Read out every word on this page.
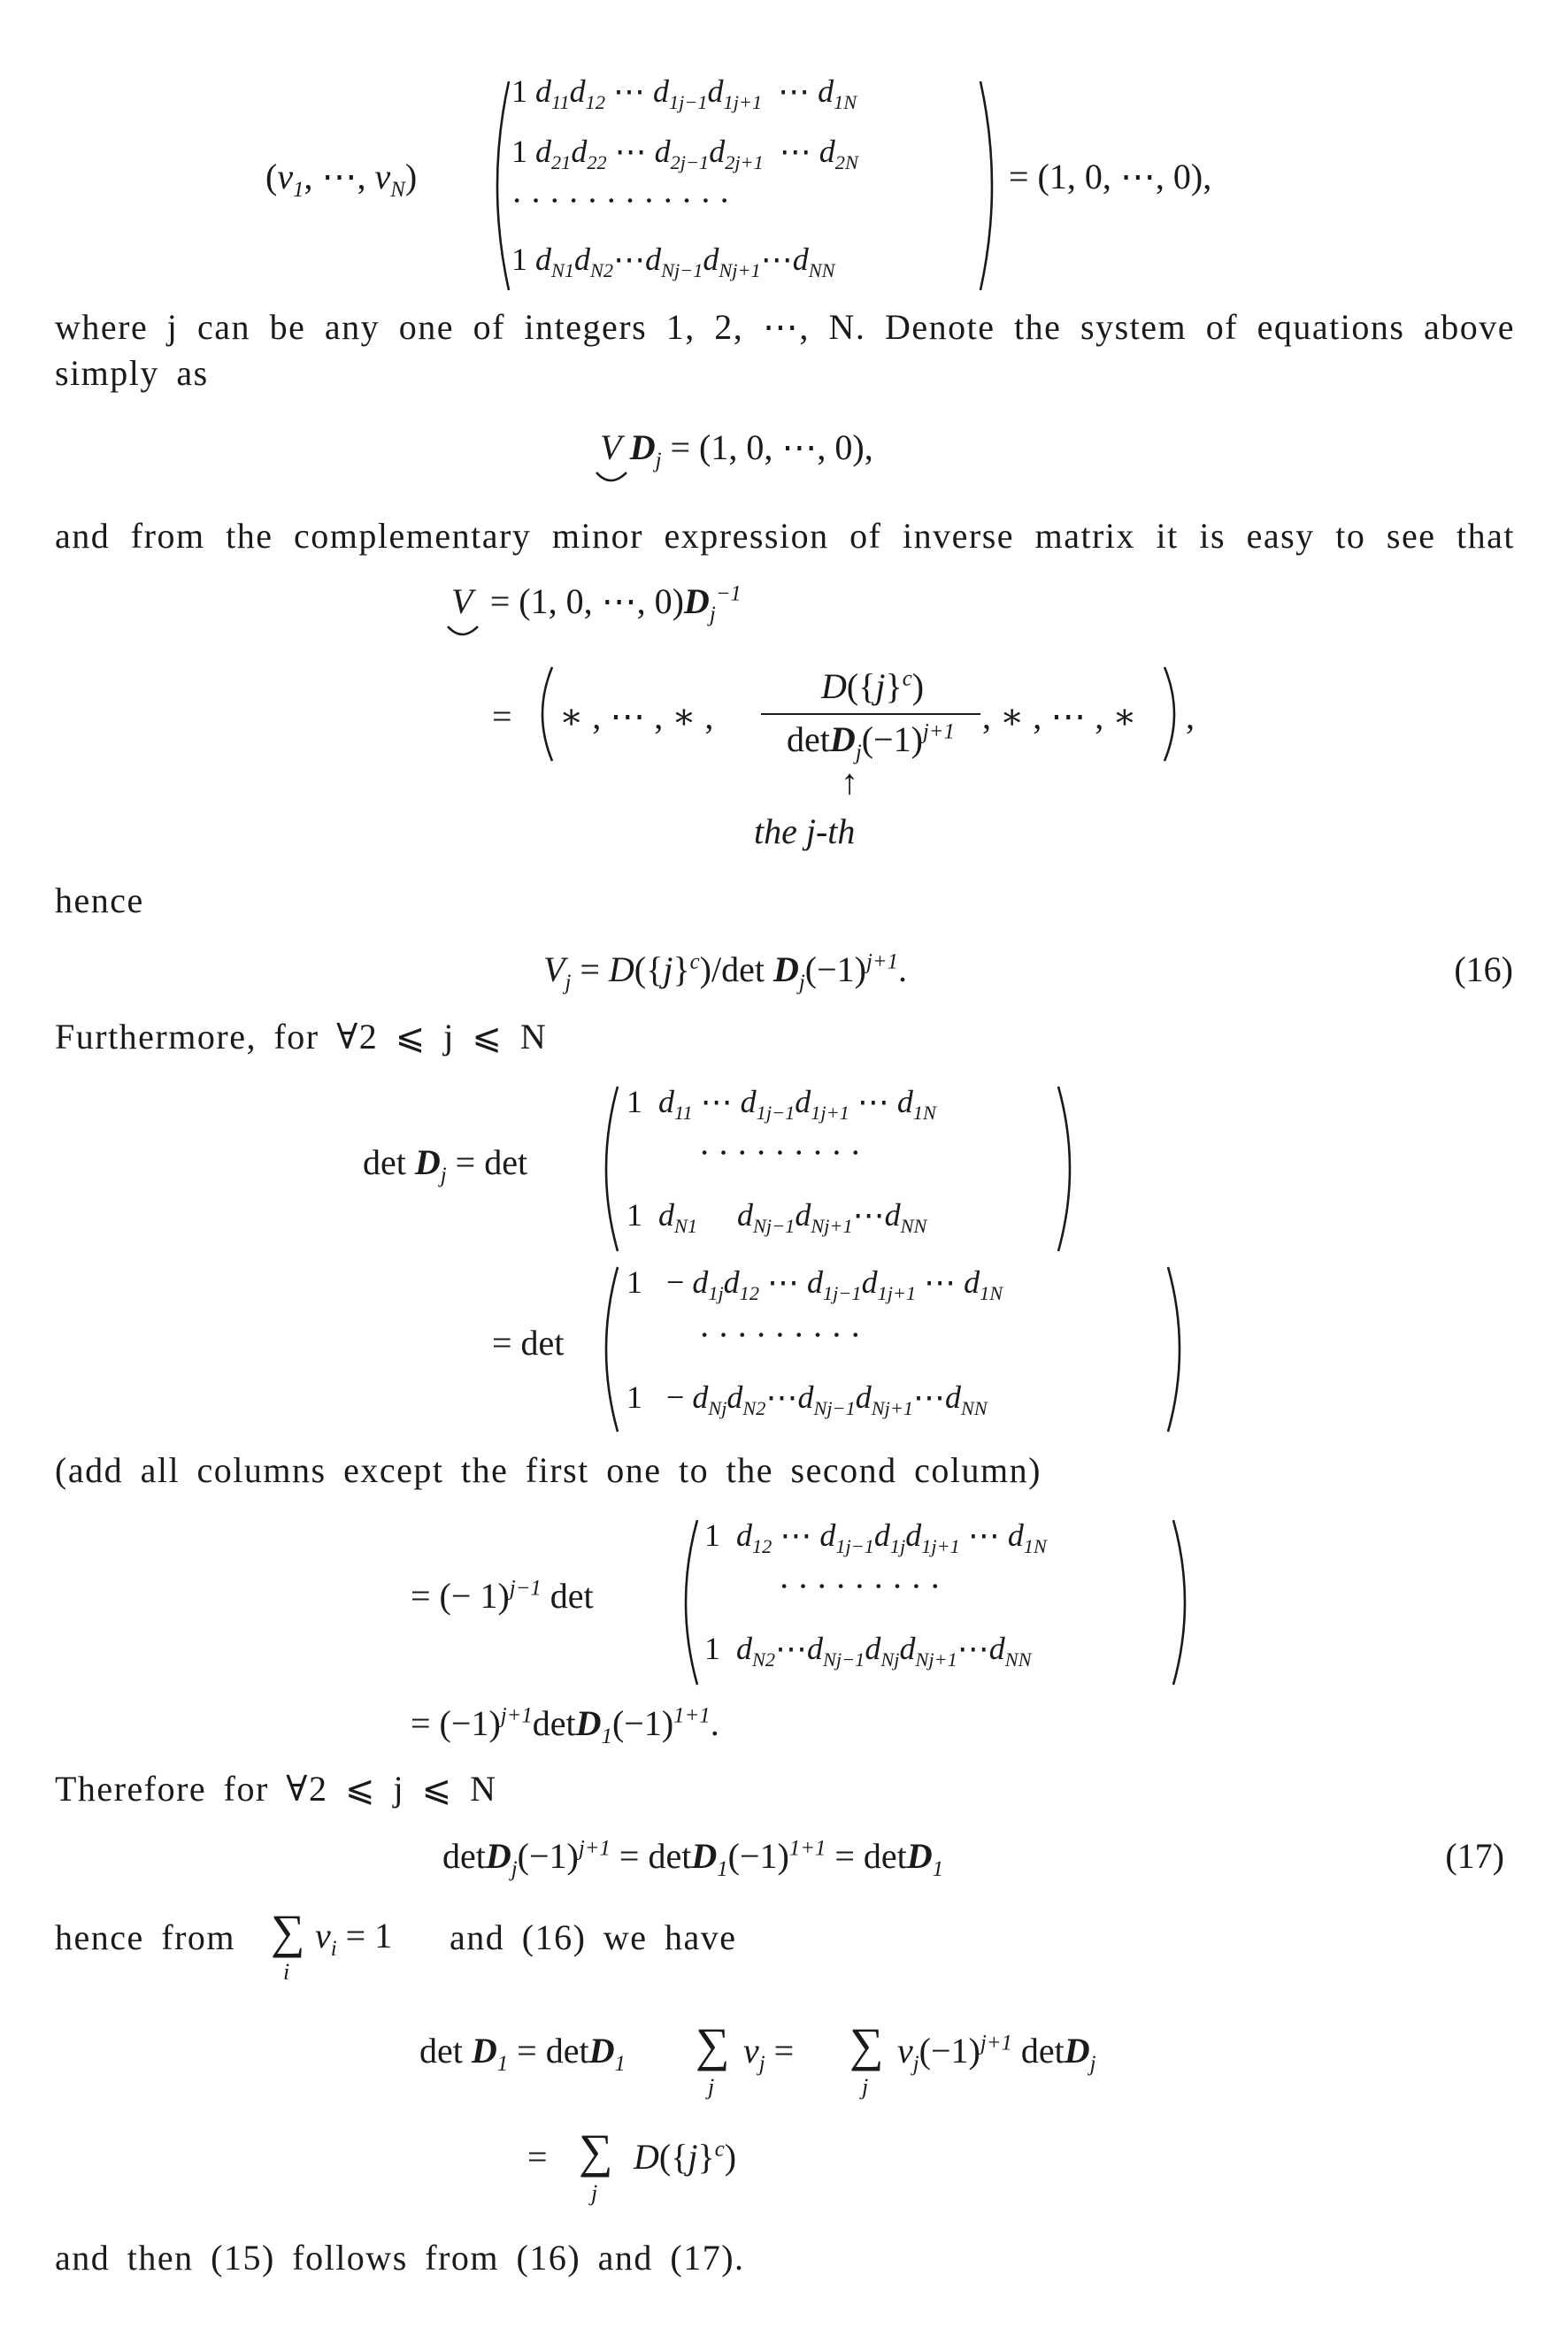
($v_1$, ⋯, $v_N$)
1 $d_{11}d_{12}$ ⋯ $d_{1j-1}d_{1j+1}$ ⋯ $d_{1N}$
1 $d_{21}d_{22}$ ⋯ $d_{2j-1}d_{2j+1}$ ⋯ $d_{2N}$
⋅ ⋅ ⋅ ⋅ ⋅ ⋅ ⋅ ⋅ ⋅ ⋅ ⋅ ⋅
1 $d_{N1}d_{N2}\cdots d_{Nj-1}d_{Nj+1}\cdots d_{NN}$
= (1, 0, ⋯, 0),

where j can be any one of integers 1, 2, ⋯, N. Denote the system of equations above simply as

V $D_j = (1$, 0, ⋯, 0),

and from the complementary minor expression of inverse matrix it is easy to see that

V  = (1, 0, ⋯, $0)D_j^{-1}$
= ∗ , ⋯ , ∗ ,
$D(\{j\}^c)$
$\det D_j(-1)^{j+1}$ , ∗ , ⋯ , ∗ ,
↑
the j-th

hence

$V_j = D(\{j\}^c)/\det$ $D_j(-1)^{j+1}$.	(16)

Furthermore, for ∀2 ⩽ j ⩽ N

$\det D_j = \det$
1  $d_{11}$ ⋯ $d_{1j-1}d_{1j+1}$ ⋯ $d_{1N}$
⋅ ⋅ ⋅ ⋅ ⋅ ⋅ ⋅ ⋅ ⋅
1  $d_{N1}$     $d_{Nj-1}d_{Nj+1}\cdots d_{NN}$
= det
$1 - d_{1j}d_{12}$ ⋯ $d_{1j-1}d_{1j+1}$ ⋯ $d_{1N}$
⋅ ⋅ ⋅ ⋅ ⋅ ⋅ ⋅ ⋅ ⋅
$1 - d_{Nj}d_{N2}\cdots d_{Nj-1}d_{Nj+1}\cdots d_{NN}$

(add all columns except the first one to the second column)

= (− 1)$^{j-1}$ det
1  $d_{12}$ ⋯ $d_{1j-1}d_{1j}d_{1j+1}$ ⋯ $d_{1N}$
⋅ ⋅ ⋅ ⋅ ⋅ ⋅ ⋅ ⋅ ⋅
1  $d_{N2}\cdots d_{Nj-1}d_{Nj}d_{Nj+1}\cdots d_{NN}$
= $(-1)^{j+1}\det D_1(-1)^{1+1}$.

Therefore for ∀2 ⩽ j ⩽ N

$\det D_j(-1)^{j+1} = \det D_1(-1)^{1+1} = \det D_1$	(17)
hence from ∑
i
$v_i = 1$ and (16) we have
$\det D_1 = \det D_1$ ∑
j
$v_j$ = ∑
j
$v_j(-1)^{j+1}$ detD$_j$
= ∑
j
$D(\{j\}^c)$

and then (15) follows from (16) and (17).
